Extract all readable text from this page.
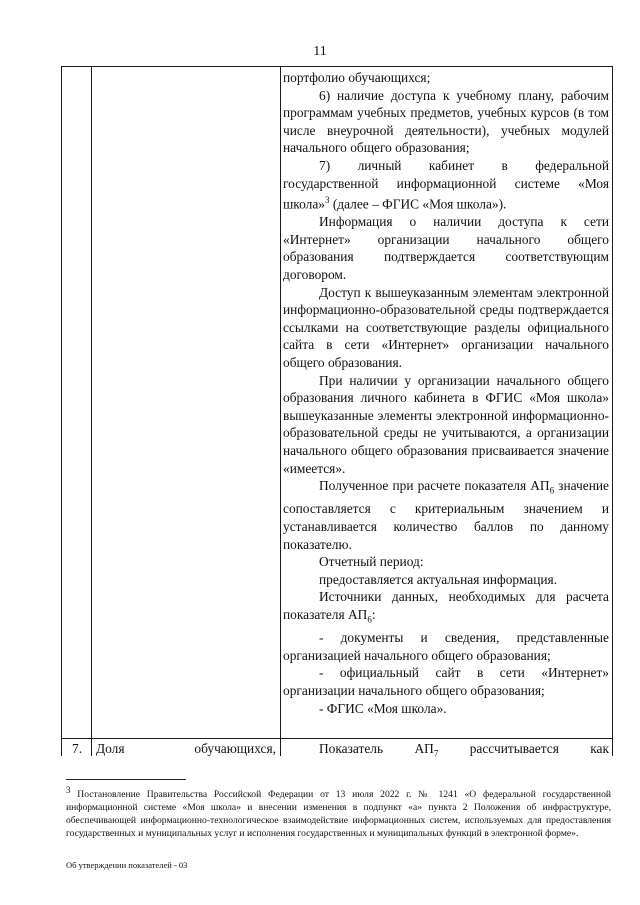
11

портфолио обучающихся;

6) наличие доступа к учебному плану, рабочим программам учебных предметов, учебных курсов (в том числе внеурочной деятельности), учебных модулей начального общего образования;

7) личный кабинет в федеральной государственной информационной системе «Моя школа»$^3$ (далее – ФГИС «Моя школа»).

Информация о наличии доступа к сети «Интернет» организации начального общего образования подтверждается соответствующим договором.

Доступ к вышеуказанным элементам электронной информационно-образовательной среды подтверждается ссылками на соответствующие разделы официального сайта в сети «Интернет» организации начального общего образования.

При наличии у организации начального общего образования личного кабинета в ФГИС «Моя школа» вышеуказанные элементы электронной информационно-образовательной среды не учитываются, а организации начального общего образования присваивается значение «имеется».

Полученное при расчете показателя $АП_6$ значение сопоставляется с критериальным значением и устанавливается количество баллов по данному показателю.

Отчетный период:

предоставляется актуальная информация.

Источники данных, необходимых для расчета показателя $АП_6$:

- документы и сведения, представленные организацией начального общего образования;

- официальный сайт в сети «Интернет» организации начального общего образования;

- ФГИС «Моя школа».

7. Доля обучающихся,	Показатель $АП_7$ рассчитывается как
$^3$ Постановление Правительства Российской Федерации от 13 июля 2022 г. № 1241 «О федеральной государственной информационной системе «Моя школа» и внесении изменения в подпункт «а» пункта 2 Положения об инфраструктуре, обеспечивающей информационно-технологическое взаимодействие информационных систем, используемых для предоставления государственных и муниципальных услуг и исполнения государственных и муниципальных функций в электронной форме».
Об утверждении показателей - 03
